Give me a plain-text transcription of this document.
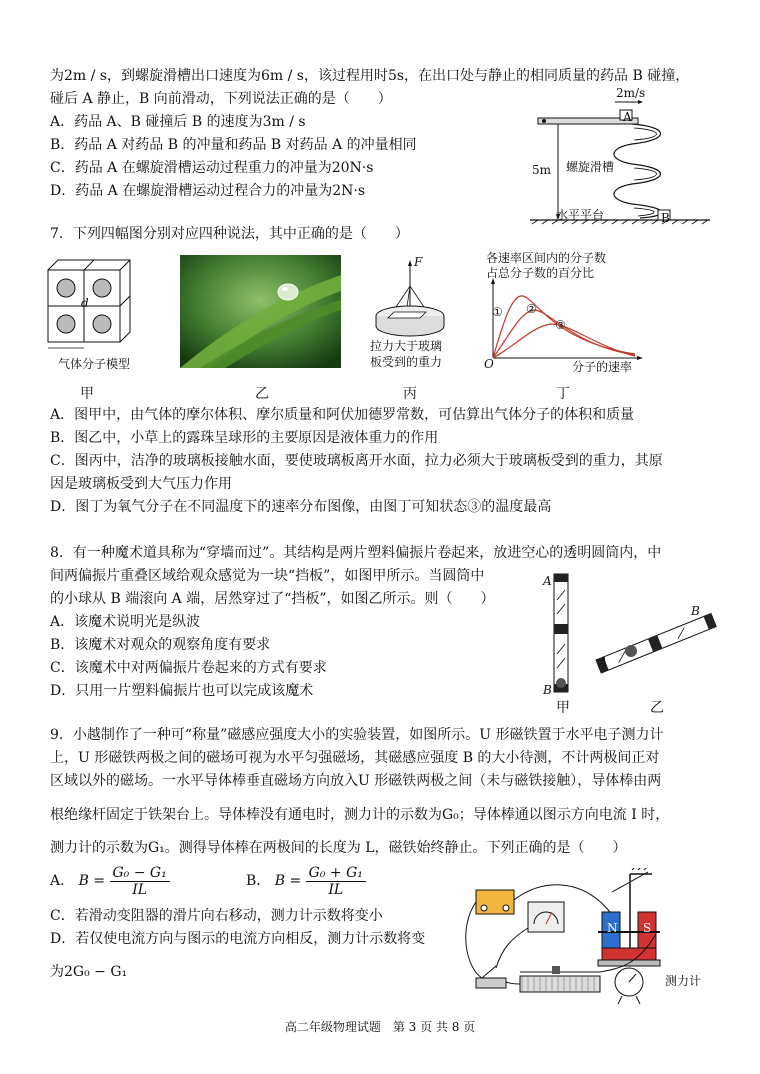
为2m / s，到螺旋滑槽出口速度为6m / s，该过程用时5s，在出口处与静止的相同质量的药品 B 碰撞，
碰后 A 静止，B 向前滑动，下列说法正确的是（　　）
A．药品 A、B 碰撞后 B 的速度为3m / s
B．药品 A 对药品 B 的冲量和药品 B 对药品 A 的冲量相同
C．药品 A 在螺旋滑槽运动过程重力的冲量为20N·s
D．药品 A 在螺旋滑槽运动过程合力的冲量为2N·s
2m/s
A
5m 螺旋滑槽
水平平台	B
7．下列四幅图分别对应四种说法，其中正确的是（　　）
d
气体分子模型
甲	乙
F
拉力大于玻璃
板受到的重力
丙
各速率区间内的分子数
占总分子数的百分比
① ②
③
O	分子的速率
丁
A．图甲中，由气体的摩尔体积、摩尔质量和阿伏加德罗常数，可估算出气体分子的体积和质量
B．图乙中，小草上的露珠呈球形的主要原因是液体重力的作用
C．图丙中，洁净的玻璃板接触水面，要使玻璃板离开水面，拉力必须大于玻璃板受到的重力，其原
因是玻璃板受到大气压力作用
D．图丁为氧气分子在不同温度下的速率分布图像，由图丁可知状态③的温度最高
8．有一种魔术道具称为“穿墙而过”。其结构是两片塑料偏振片卷起来，放进空心的透明圆筒内，中
间两偏振片重叠区域给观众感觉为一块“挡板”，如图甲所示。当圆筒中
的小球从 B 端滚向 A 端，居然穿过了“挡板”，如图乙所示。则（　　）
A．该魔术说明光是纵波
B．该魔术对观众的观察角度有要求
C．该魔术中对两偏振片卷起来的方式有要求
D．只用一片塑料偏振片也可以完成该魔术
A
B
B
A
甲	乙
9．小越制作了一种可“称量”磁感应强度大小的实验装置，如图所示。U 形磁铁置于水平电子测力计
上，U 形磁铁两极之间的磁场可视为水平匀强磁场，其磁感应强度 B 的大小待测，不计两极间正对
区域以外的磁场。一水平导体棒垂直磁场方向放入U 形磁铁两极之间（未与磁铁接触），导体棒由两
根绝缘杆固定于铁架台上。导体棒没有通电时，测力计的示数为G₀；导体棒通以图示方向电流 I 时，
测力计的示数为G₁。测得导体棒在两极间的长度为 L，磁铁始终静止。下列正确的是（　　）
A． $B = \frac{\text{G₀ − G₁}}{IL}$	B． $B = \frac{\text{G₀ + G₁}}{IL}$
C．若滑动变阻器的滑片向右移动，测力计示数将变小
D．若仅使电流方向与图示的电流方向相反，测力计示数将变
为2G₀ − G₁
N S
测力计
高二年级物理试题　第 3 页 共 8 页
